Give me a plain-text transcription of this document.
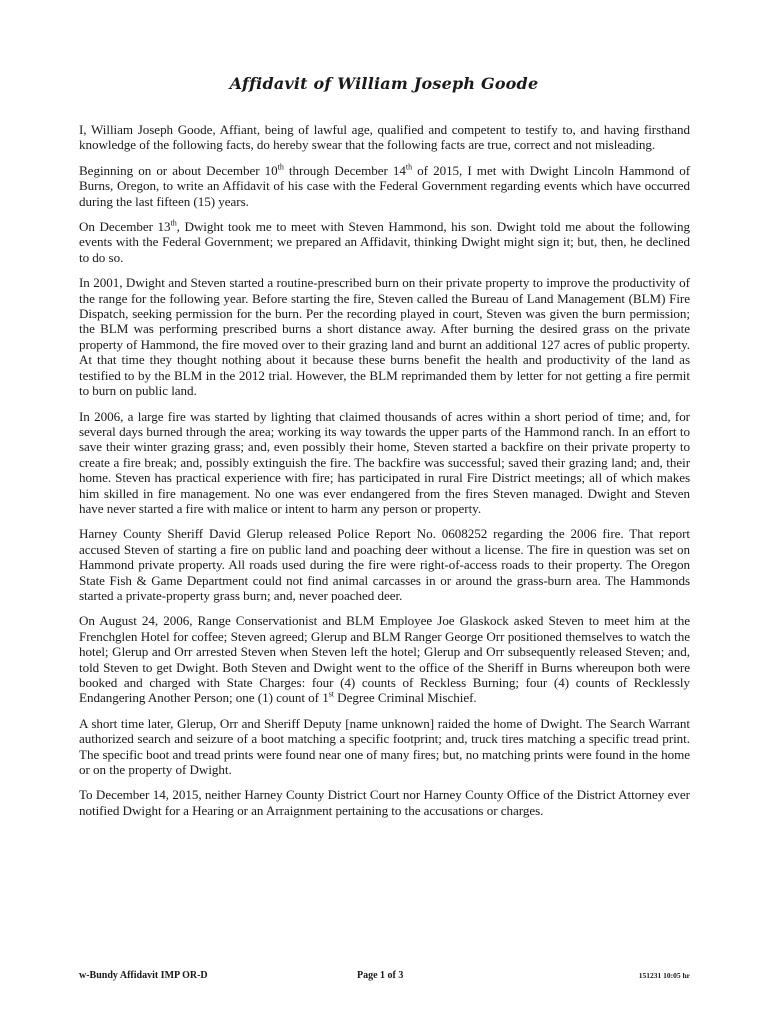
Affidavit of William Joseph Goode

I, William Joseph Goode, Affiant, being of lawful age, qualified and competent to testify to, and having firsthand knowledge of the following facts, do hereby swear that the following facts are true, correct and not misleading.

Beginning on or about December 10th through December 14th of 2015, I met with Dwight Lincoln Hammond of Burns, Oregon, to write an Affidavit of his case with the Federal Government regarding events which have occurred during the last fifteen (15) years.

On December 13th, Dwight took me to meet with Steven Hammond, his son. Dwight told me about the following events with the Federal Government; we prepared an Affidavit, thinking Dwight might sign it; but, then, he declined to do so.

In 2001, Dwight and Steven started a routine-prescribed burn on their private property to improve the productivity of the range for the following year. Before starting the fire, Steven called the Bureau of Land Management (BLM) Fire Dispatch, seeking permission for the burn. Per the recording played in court, Steven was given the burn permission; the BLM was performing prescribed burns a short distance away. After burning the desired grass on the private property of Hammond, the fire moved over to their grazing land and burnt an additional 127 acres of public property. At that time they thought nothing about it because these burns benefit the health and productivity of the land as testified to by the BLM in the 2012 trial. However, the BLM reprimanded them by letter for not getting a fire permit to burn on public land.

In 2006, a large fire was started by lighting that claimed thousands of acres within a short period of time; and, for several days burned through the area; working its way towards the upper parts of the Hammond ranch. In an effort to save their winter grazing grass; and, even possibly their home, Steven started a backfire on their private property to create a fire break; and, possibly extinguish the fire. The backfire was successful; saved their grazing land; and, their home. Steven has practical experience with fire; has participated in rural Fire District meetings; all of which makes him skilled in fire management. No one was ever endangered from the fires Steven managed. Dwight and Steven have never started a fire with malice or intent to harm any person or property.

Harney County Sheriff David Glerup released Police Report No. 0608252 regarding the 2006 fire. That report accused Steven of starting a fire on public land and poaching deer without a license. The fire in question was set on Hammond private property. All roads used during the fire were right-of-access roads to their property. The Oregon State Fish & Game Department could not find animal carcasses in or around the grass-burn area. The Hammonds started a private-property grass burn; and, never poached deer.

On August 24, 2006, Range Conservationist and BLM Employee Joe Glaskock asked Steven to meet him at the Frenchglen Hotel for coffee; Steven agreed; Glerup and BLM Ranger George Orr positioned themselves to watch the hotel; Glerup and Orr arrested Steven when Steven left the hotel; Glerup and Orr subsequently released Steven; and, told Steven to get Dwight. Both Steven and Dwight went to the office of the Sheriff in Burns whereupon both were booked and charged with State Charges: four (4) counts of Reckless Burning; four (4) counts of Recklessly Endangering Another Person; one (1) count of 1st Degree Criminal Mischief.

A short time later, Glerup, Orr and Sheriff Deputy [name unknown] raided the home of Dwight. The Search Warrant authorized search and seizure of a boot matching a specific footprint; and, truck tires matching a specific tread print. The specific boot and tread prints were found near one of many fires; but, no matching prints were found in the home or on the property of Dwight.

To December 14, 2015, neither Harney County District Court nor Harney County Office of the District Attorney ever notified Dwight for a Hearing or an Arraignment pertaining to the accusations or charges.

w-Bundy Affidavit IMP OR-D	Page 1 of 3	151231 10:05 hr
